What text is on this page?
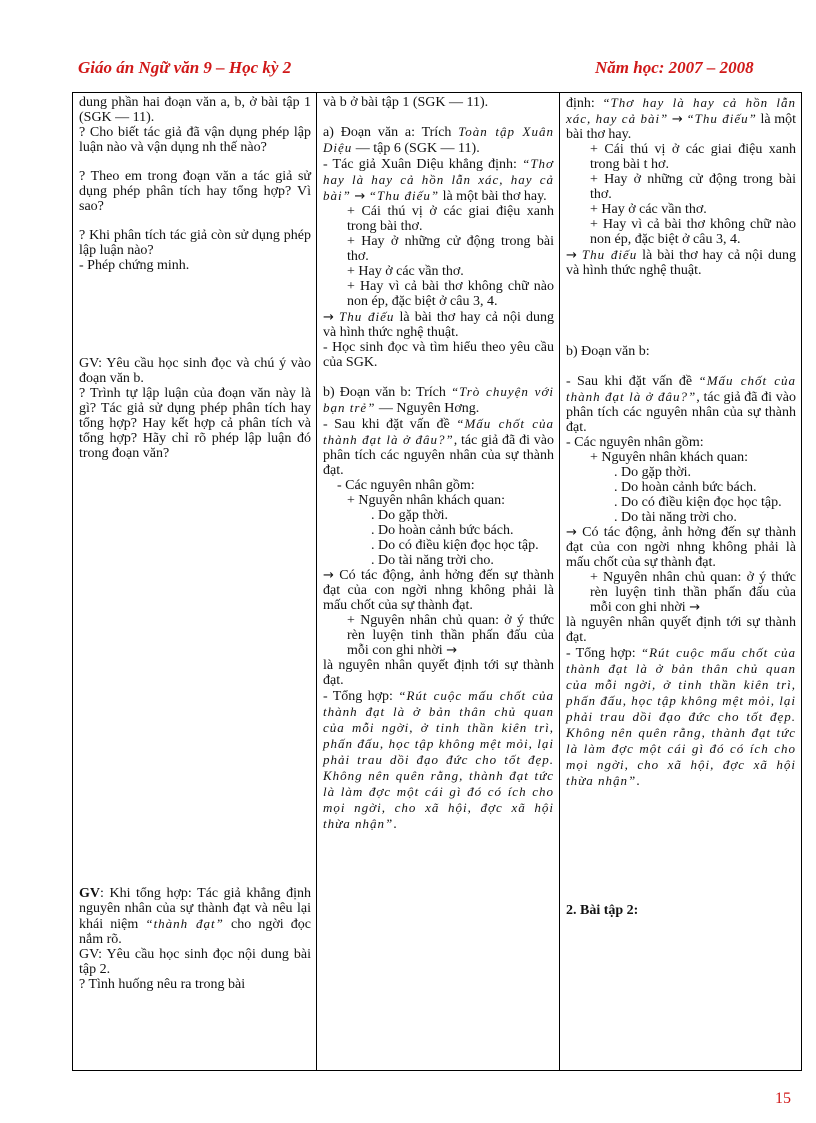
Giáo án Ngữ văn 9 – Học kỳ 2	Năm học: 2007 – 2008

dung phần hai đoạn văn a, b, ở bài tập 1 (SGK — 11).

? Cho biết tác giả đã vận dụng phép lập luận nào và vận dụng nh thế nào?

? Theo em trong đoạn văn a tác giả sử dụng phép phân tích hay tổng hợp? Vì sao?

? Khi phân tích tác giả còn sử dụng phép lập luận nào?

- Phép chứng minh.

GV: Yêu cầu học sinh đọc và chú ý vào đoạn văn b.

? Trình tự lập luận của đoạn văn này là gì? Tác giả sử dụng phép phân tích hay tổng hợp? Hay kết hợp cả phân tích và tổng hợp? Hãy chỉ rõ phép lập luận đó trong đoạn văn?

GV: Khi tổng hợp: Tác giả khẳng định nguyên nhân của sự thành đạt và nêu lại khái niệm “thành đạt” cho ngời đọc nắm rõ.

GV: Yêu cầu học sinh đọc nội dung bài tập 2.

? Tình huống nêu ra trong bài

và b ở bài tập 1 (SGK — 11).

a) Đoạn văn a: Trích Toàn tập Xuân Diệu — tập 6 (SGK — 11).

- Tác giả Xuân Diệu khẳng định: “Thơ hay là hay cả hồn lẫn xác, hay cả bài” → “Thu điếu” là một bài thơ hay.

+ Cái thú vị ở các giai điệu xanh trong bài thơ.

+ Hay ở những cử động trong bài thơ.

+ Hay ở các vần thơ.

+ Hay vì cả bài thơ không chữ nào non ép, đặc biệt ở câu 3, 4.

→ Thu điếu là bài thơ hay cả nội dung và hình thức nghệ thuật.

- Học sinh đọc và tìm hiểu theo yêu cầu của SGK.

b) Đoạn văn b: Trích “Trò chuyện với bạn trẻ” — Nguyên Hơng.

- Sau khi đặt vấn đề “Mấu chốt của thành đạt là ở đâu?”, tác giả đã đi vào phân tích các nguyên nhân của sự thành đạt.

- Các nguyên nhân gồm:

+ Nguyên nhân khách quan:

. Do gặp thời.

. Do hoàn cảnh bức bách.

. Do có điều kiện đọc học tập.

. Do tài năng trời cho.

→ Có tác động, ảnh hởng đến sự thành đạt của con ngời nhng không phải là mấu chốt của sự thành đạt.

+ Nguyên nhân chủ quan: ở ý thức rèn luyện tinh thần phấn đấu của mỗi con ghi nhời →

là nguyên nhân quyết định tới sự thành đạt.

- Tổng hợp: “Rút cuộc mấu chốt của thành đạt là ở bản thân chủ quan của mỗi ngời, ở tinh thần kiên trì, phấn đấu, học tập không mệt mỏi, lại phải trau dồi đạo đức cho tốt đẹp. Không nên quên rằng, thành đạt tức là làm đợc một cái gì đó có ích cho mọi ngời, cho xã hội, đợc xã hội thừa nhận”.

định: “Thơ hay là hay cả hồn lẫn xác, hay cả bài” → “Thu điếu” là một bài thơ hay.

+ Cái thú vị ở các giai điệu xanh trong bài t hơ.

+ Hay ở những cử động trong bài thơ.

+ Hay ở các vần thơ.

+ Hay vì cả bài thơ không chữ nào non ép, đặc biệt ở câu 3, 4.

→ Thu điếu là bài thơ hay cả nội dung và hình thức nghệ thuật.

b) Đoạn văn b:

- Sau khi đặt vấn đề “Mấu chốt của thành đạt là ở đâu?”, tác giả đã đi vào phân tích các nguyên nhân của sự thành đạt.

- Các nguyên nhân gồm:

+ Nguyên nhân khách quan:

. Do gặp thời.

. Do hoàn cảnh bức bách.

. Do có điều kiện đọc học tập.

. Do tài năng trời cho.

→ Có tác động, ảnh hởng đến sự thành đạt của con ngời nhng không phải là mấu chốt của sự thành đạt.

+ Nguyên nhân chủ quan: ở ý thức rèn luyện tinh thần phấn đấu của mỗi con ghi nhời →

là nguyên nhân quyết định tới sự thành đạt.

- Tổng hợp: “Rút cuộc mấu chốt của thành đạt là ở bản thân chủ quan của mỗi ngời, ở tinh thần kiên trì, phấn đấu, học tập không mệt mỏi, lại phải trau dồi đạo đức cho tốt đẹp. Không nên quên rằng, thành đạt tức là làm đợc một cái gì đó có ích cho mọi ngời, cho xã hội, đợc xã hội thừa nhận”.

2. Bài tập 2:

15
